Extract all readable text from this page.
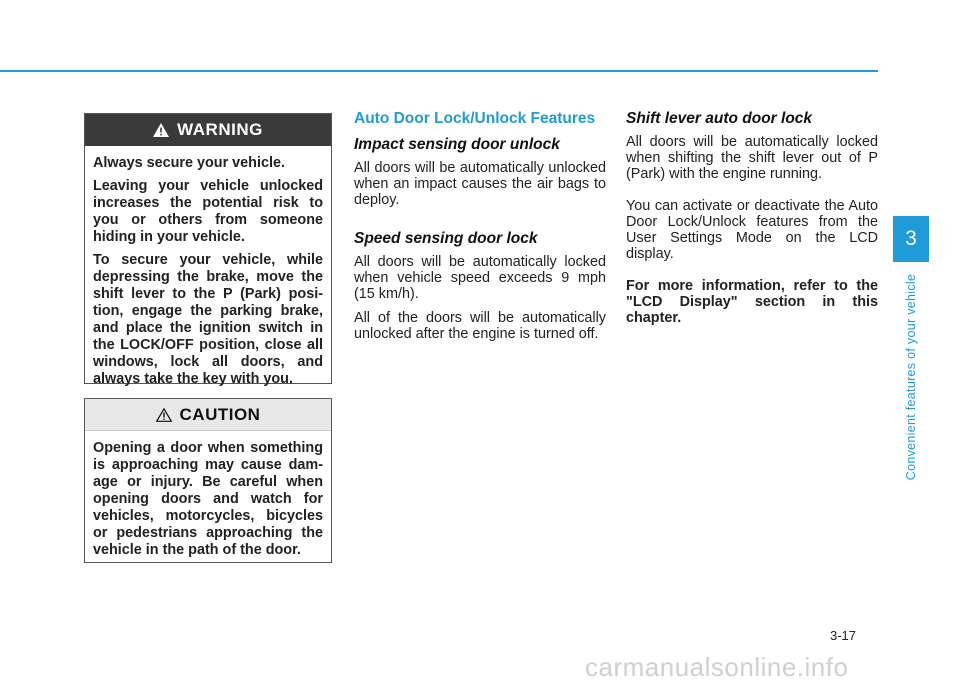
WARNING

Always secure your vehicle.

Leaving your vehicle unlocked increases the potential risk to you or others from someone hiding in your vehicle.

To secure your vehicle, while depressing the brake, move the shift lever to the P (Park) posi-tion, engage the parking brake, and place the ignition switch in the LOCK/OFF position, close all windows, lock all doors, and always take the key with you.

CAUTION

Opening a door when something is approaching may cause dam-age or injury. Be careful when opening doors and watch for vehicles, motorcycles, bicycles or pedestrians approaching the vehicle in the path of the door.

Auto Door Lock/Unlock Features
Impact sensing door unlock

All doors will be automatically unlocked when an impact causes the air bags to deploy.

Speed sensing door lock

All doors will be automatically locked when vehicle speed exceeds 9 mph (15 km/h).

All of the doors will be automatically unlocked after the engine is turned off.

Shift lever auto door lock

All doors will be automatically locked when shifting the shift lever out of P (Park) with the engine running.

You can activate or deactivate the Auto Door Lock/Unlock features from the User Settings Mode on the LCD display.

For more information, refer to the "LCD Display" section in this chapter.

3
Convenient features of your vehicle
3-17
carmanualsonline.info
